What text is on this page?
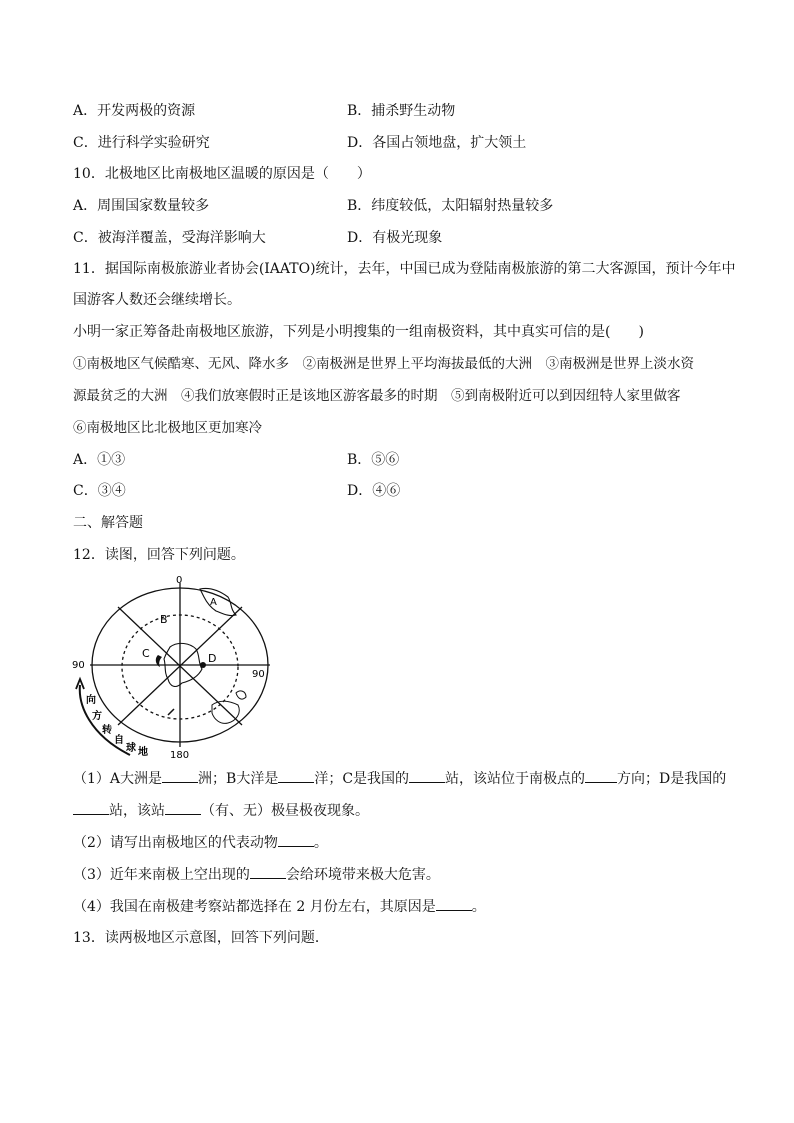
A．开发两极的资源	B．捕杀野生动物
C．进行科学实验研究	D．各国占领地盘，扩大领土
10．北极地区比南极地区温暖的原因是（　　）
A．周围国家数量较多	B．纬度较低，太阳辐射热量较多
C．被海洋覆盖，受海洋影响大	D．有极光现象
11．据国际南极旅游业者协会(IAATO)统计，去年，中国已成为登陆南极旅游的第二大客源国，预计今年中
国游客人数还会继续增长。
小明一家正筹备赴南极地区旅游，下列是小明搜集的一组南极资料，其中真实可信的是(　　)
①南极地区气候酷寒、无风、降水多　②南极洲是世界上平均海拔最低的大洲　③南极洲是世界上淡水资
源最贫乏的大洲　④我们放寒假时正是该地区游客最多的时期　⑤到南极附近可以到因纽特人家里做客
⑥南极地区比北极地区更加寒冷
A．①③	B．⑤⑥
C．③④	D．④⑥
二、解答题
12．读图，回答下列问题。
0
180
90
90
A
B
C	D
向
方
转
自
球 地
（1）A大洲是	洲；B大洋是	洋；C是我国的	站，该站位于南极点的 方向；D是我国的
站，该站	（有、无）极昼极夜现象。
（2）请写出南极地区的代表动物	。
（3）近年来南极上空出现的	会给环境带来极大危害。
（4）我国在南极建考察站都选择在 2 月份左右，其原因是	。
13．读两极地区示意图，回答下列问题．
